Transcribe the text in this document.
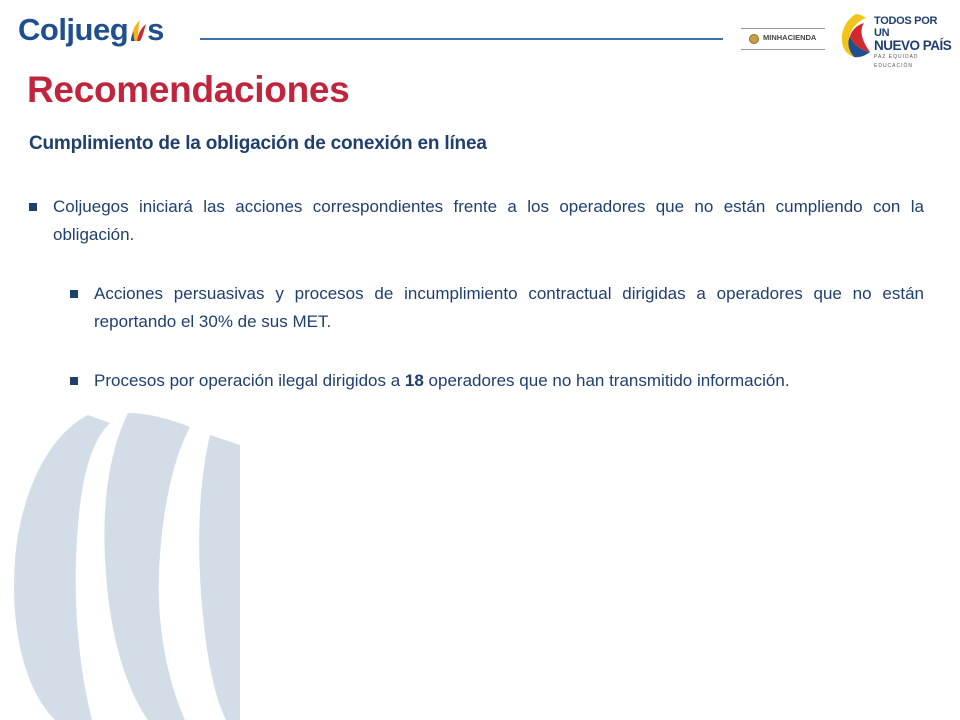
Coljueg s	MINHACIENDA
TODOS POR UN
NUEVO PAÍS
PAZ EQUIDAD EDUCACIÓN
Recomendaciones
Cumplimiento de la obligación de conexión en línea
Coljuegos iniciará las acciones correspondientes frente a los operadores que no están cumpliendo con la obligación.
Acciones persuasivas y procesos de incumplimiento contractual dirigidas a operadores que no están reportando el 30% de sus MET.
Procesos por operación ilegal dirigidos a 18 operadores que no han transmitido información.
